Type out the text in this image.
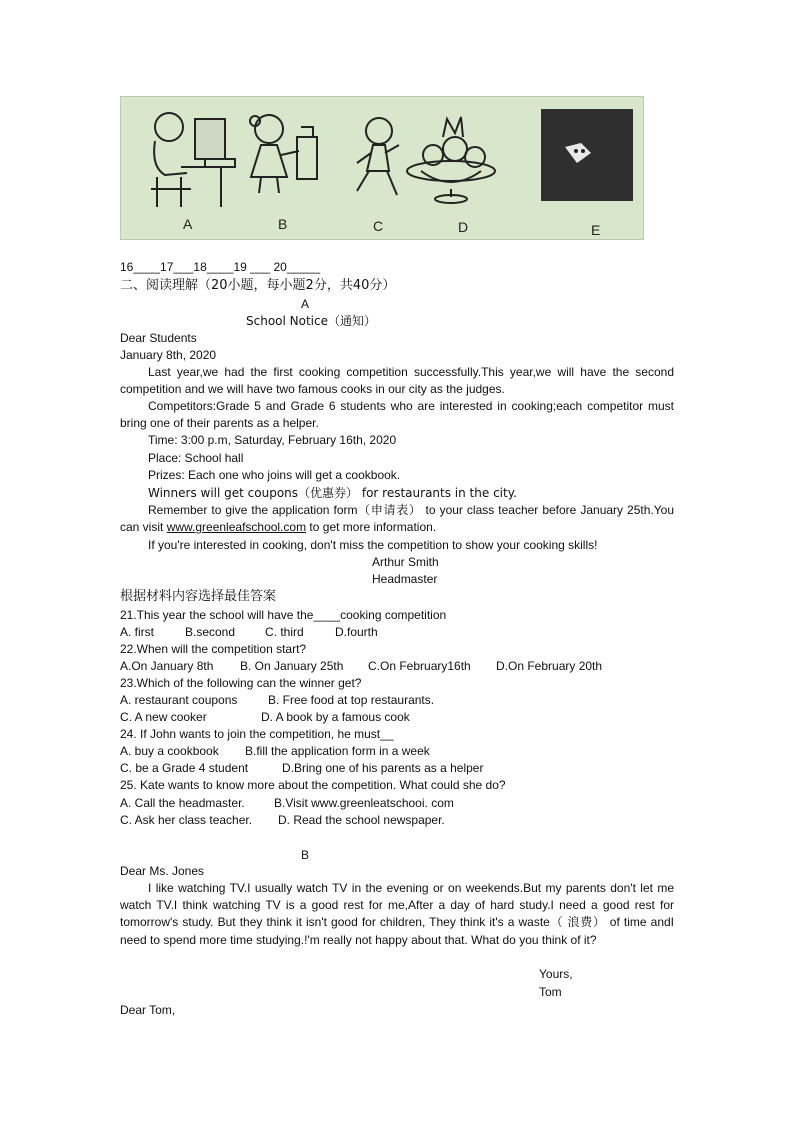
A	B	C	D	E
16____17___18____19 ___ 20_____
二、阅读理解（20小题，每小题2分，共40分）
A
School Notice（通知）
Dear Students
January 8th, 2020
Last year,we had the first cooking competition successfully.This year,we will have the second competition and we will have two famous cooks in our city as the judges.
Competitors:Grade 5 and Grade 6 students who are interested in cooking;each competitor must bring one of their parents as a helper.
Time: 3:00 p.m, Saturday, February 16th, 2020
Place: School hall
Prizes: Each one who joins will get a cookbook.
Winners will get coupons（优惠券） for restaurants in the city.
Remember to give the application form（申请表） to your class teacher before January 25th.You can visit www.greenleafschool.com to get more information.
If you're interested in cooking, don't miss the competition to show your cooking skills!
Arthur Smith
Headmaster
根据材料内容选择最佳答案
21.This year the school will have the____cooking competition
A. first	B.second C. third	D.fourth
22.When will the competition start?
A.On January 8th B. On January 25th C.On February16th D.On February 20th
23.Which of the following can the winner get?
A. restaurant coupons	B. Free food at top restaurants.
C. A new cooker	D. A book by a famous cook
24. If John wants to join the competition, he must__
A. buy a cookbook B.fill the application form in a week
C. be a Grade 4 student	D.Bring one of his parents as a helper
25. Kate wants to know more about the competition. What could she do?
A. Call the headmaster. B.Visit www.greenleatschooi. com
C. Ask her class teacher. D. Read the school newspaper.
B
Dear Ms. Jones
I like watching TV.I usually watch TV in the evening or on weekends.But my parents don't let me watch TV.I think watching TV is a good rest for me,After a day of hard study.I need a good rest for tomorrow's study. But they think it isn't good for children, They think it's a waste（ 浪费） of time andI need to spend more time studying.!'m really not happy about that. What do you think of it?
Yours,
Tom
Dear Tom,
